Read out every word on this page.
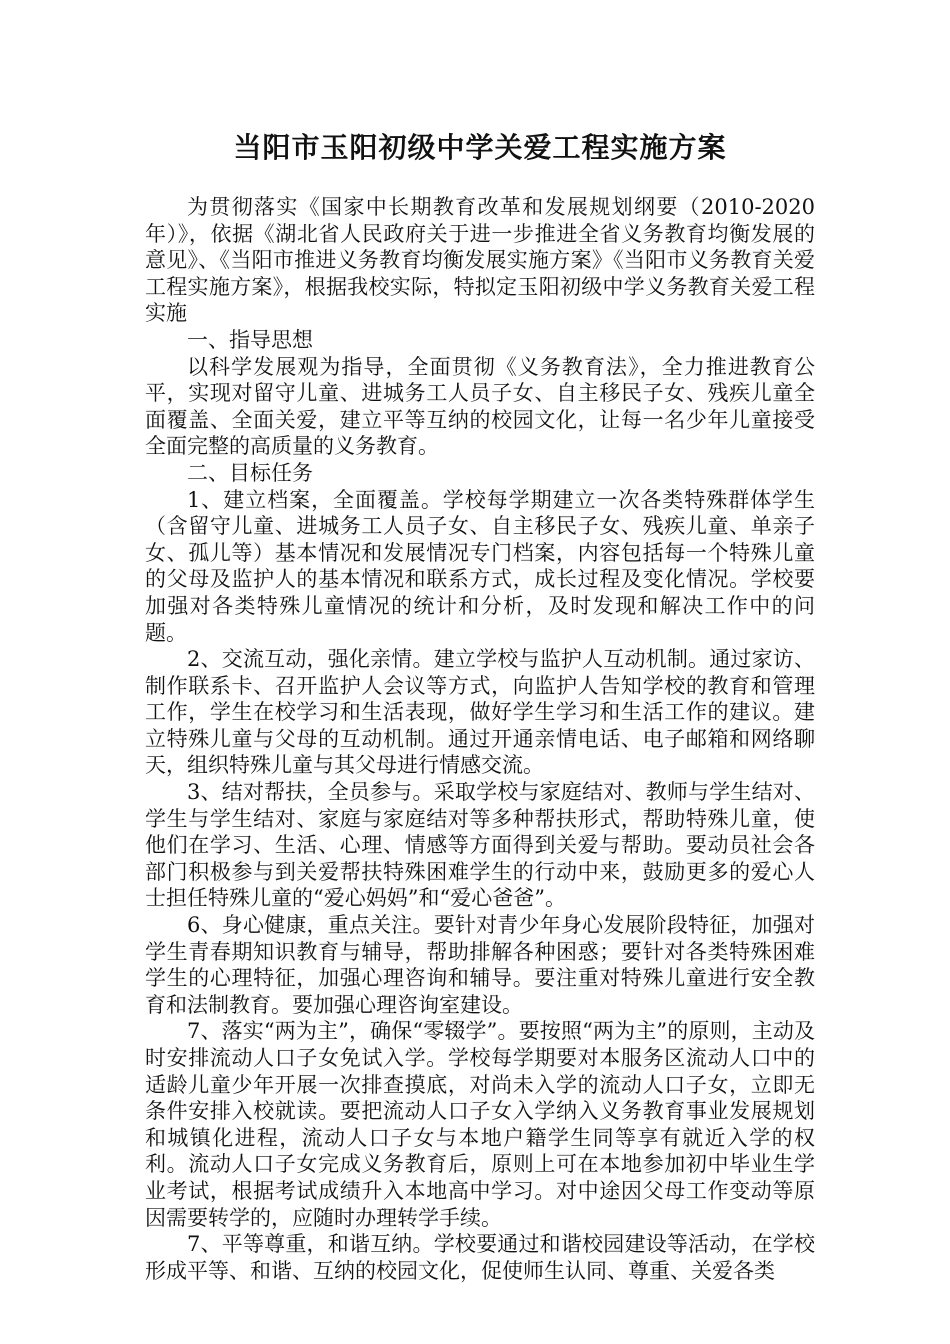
当阳市玉阳初级中学关爱工程实施方案

为贯彻落实《国家中长期教育改革和发展规划纲要（2010-2020年）》，依据《湖北省人民政府关于进一步推进全省义务教育均衡发展的意见》、《当阳市推进义务教育均衡发展实施方案》《当阳市义务教育关爱工程实施方案》，根据我校实际，特拟定玉阳初级中学义务教育关爱工程实施

一、指导思想

以科学发展观为指导，全面贯彻《义务教育法》，全力推进教育公平，实现对留守儿童、进城务工人员子女、自主移民子女、残疾儿童全面覆盖、全面关爱，建立平等互纳的校园文化，让每一名少年儿童接受全面完整的高质量的义务教育。

二、目标任务

1、建立档案，全面覆盖。学校每学期建立一次各类特殊群体学生（含留守儿童、进城务工人员子女、自主移民子女、残疾儿童、单亲子女、孤儿等）基本情况和发展情况专门档案，内容包括每一个特殊儿童的父母及监护人的基本情况和联系方式，成长过程及变化情况。学校要加强对各类特殊儿童情况的统计和分析，及时发现和解决工作中的问题。

2、交流互动，强化亲情。建立学校与监护人互动机制。通过家访、制作联系卡、召开监护人会议等方式，向监护人告知学校的教育和管理工作，学生在校学习和生活表现，做好学生学习和生活工作的建议。建立特殊儿童与父母的互动机制。通过开通亲情电话、电子邮箱和网络聊天，组织特殊儿童与其父母进行情感交流。

3、结对帮扶，全员参与。采取学校与家庭结对、教师与学生结对、学生与学生结对、家庭与家庭结对等多种帮扶形式，帮助特殊儿童，使他们在学习、生活、心理、情感等方面得到关爱与帮助。要动员社会各部门积极参与到关爱帮扶特殊困难学生的行动中来，鼓励更多的爱心人士担任特殊儿童的“爱心妈妈”和“爱心爸爸”。

6、身心健康，重点关注。要针对青少年身心发展阶段特征，加强对学生青春期知识教育与辅导，帮助排解各种困惑；要针对各类特殊困难学生的心理特征，加强心理咨询和辅导。要注重对特殊儿童进行安全教育和法制教育。要加强心理咨询室建设。

7、落实“两为主”，确保“零辍学”。要按照“两为主”的原则，主动及时安排流动人口子女免试入学。学校每学期要对本服务区流动人口中的适龄儿童少年开展一次排查摸底，对尚未入学的流动人口子女，立即无条件安排入校就读。要把流动人口子女入学纳入义务教育事业发展规划和城镇化进程，流动人口子女与本地户籍学生同等享有就近入学的权利。流动人口子女完成义务教育后，原则上可在本地参加初中毕业生学业考试，根据考试成绩升入本地高中学习。对中途因父母工作变动等原因需要转学的，应随时办理转学手续。

7、平等尊重，和谐互纳。学校要通过和谐校园建设等活动，在学校形成平等、和谐、互纳的校园文化，促使师生认同、尊重、关爱各类
